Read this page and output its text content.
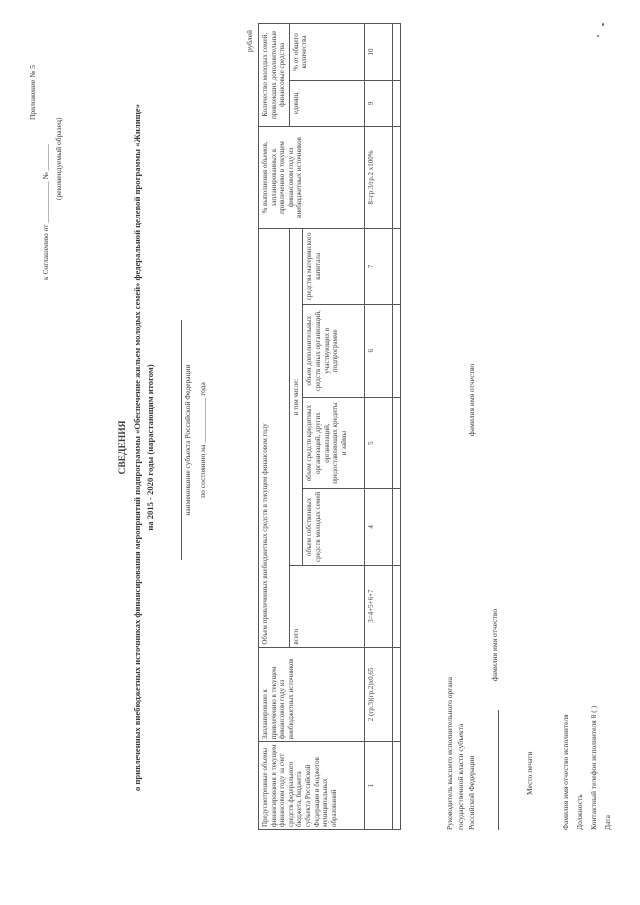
Приложение № 5
к Соглашению от ___________ № _______ (рекомендуемый образец)
СВЕДЕНИЯ о привлеченных внебюджетных источниках финансирования мероприятий подпрограммы «Обеспечение жильем молодых семей» федеральной целевой программы «Жилище» на 2015 - 2020 годы (нарастающим итогом)	наименование субъекта Российской Федерации по состоянию на ____________ года
рублей
Предусмотренные объемы финансирования в текущем финансовом году за счет средств федерального бюджета, бюджета субъекта Российской Федерации и бюджетов муниципальных образований	Запланировано к привлечению в текущем финансовом году из внебюджетных источников	Объем привлеченных внебюджетных средств в текущем финансовом году					% выполнения объемов, запланированных к привлечению в текущем финансовом году из внебюджетных источников	Количество молодых семей, привлекших дополнительные финансовые средства	
		всего	в том числе:					единиц	% от общего количества
			объем собственных средств молодых семей	объем средств кредитных организаций, других организаций, предоставляющих кредиты и займы	объем дополнительных средств иных организаций, участвующих в подпрограмме	средства материнского капитала			
1	2 (гр.3)(гр.2)х0,65	3=4+5+6+7	4	5	6	7	8=гр.3/гр.2 х100%	9	10

Руководитель высшего исполнительного органа государственной власти субъекта Российской Федерации
фамилия имя отчество
фамилия имя отчество
Место печати	Фамилия имя отчество исполнителя Должность Контактный телефон исполнителя 8 ( ) Дата
